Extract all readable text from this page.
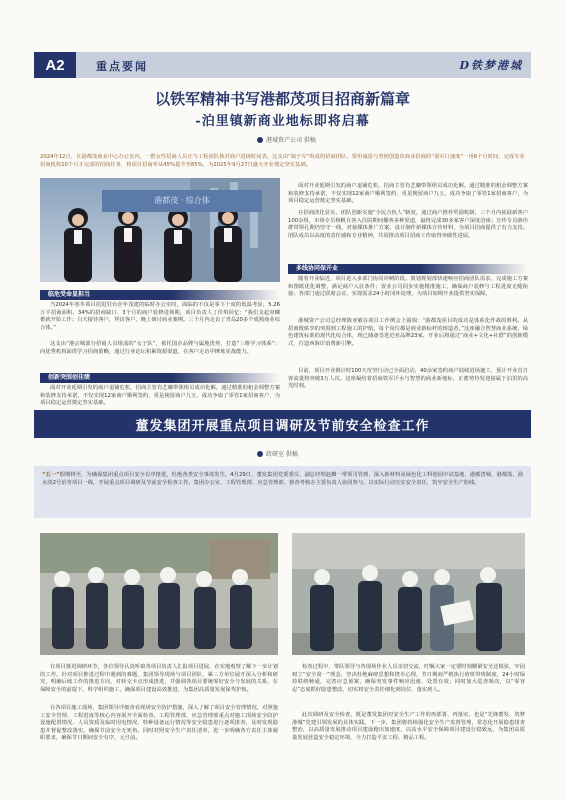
A2	重点要闻	D铁梦港城
以铁军精神书写港都茂项目招商新篇章
-泊里镇新商业地标即将启幕
港城资产公司 供稿
2024年12月，在港都茂商业中心办公室内，一群女性招商人员正与工程团队核对商户进场时间表。这支由“娘子军”组成的招商团队，要用诚恳与坚韧创造出商业招商的“重军口速度”一用6个月时间，完成专业招商机构10个月才完成的招商任务，将项目招商率从45%提升至85%，为2025年9月27日盛大开业奠定坚实基础。
港都茂 · 综合体
临危受命显担当
当2024年寒冬项目招进驻台企年茂建的临时办公室时，面临的不仅是零下十度的低温考验，5.26万平招商面积、34%的招商缺口、3个月的商户装修进场期，项目负责人丁佳琪回忆：“我们支起双螺蓄就开始工作；白天接待客户，拜访客户，晚上研讨商业案例。三个月内走访了青岛20多个成熟商业综合体。”
这支由“港宗城部分招商人员组成的“女子队”，依托国企品牌与属地优势，打造“三维学习体系”：向优秀机构面供学习招商策略，通过行业论坛积累资源渠道，在客户走访中锤炼实战能力。
创新突围创佳绩
面对开业延期引发的商户退铺危机，招商主管肖艺曦带领组员成功化解，通过精准的租金调整方案和装修支持承诺，不仅实现12家商户顺利签约，更是挽留商户九五，成功争取了零管1家招商客户，为项目稳定运营奠定坚实基础。
面对开业延期引发的商户退铺危机，招商主管肖艺曦带领组员成功化解，通过精准的租金调整方案和装修支持承诺，不仅实现12家商户顺利签约，更是挽留商户九五，成功争取了零管1家招商客户，为项目稳定运营奠定坚实基础。
在招商淡化显实，团队创新实施“全民合伙人”制度，通过商户推荐奖励机制，三个月内拓展新客户100余组，市场专员杨帆在客入住院期间播客多种渠道，最终完成30多家客户深度洽谈；宣传专员薛佳群带领孔期仍坚守一线，对接媒体推广方案，设计制作新媒体宣传材料，为项目招商提供了有力支持。团队成员以高度的责任感和专业精神，共同推动项目招商工作取得突破性进展。
多线协同保开业
随着开业临近，项目进入多部门协同冲刺阶段。策划规划部快速响应招商团队需求，完成施工方案和图纸优化调整，满足商户入驻条件；置业公司同步实施精准施工，确保商户装修与工程进度无缝衔接；各部门通过联席会议，实现需求24小时闭环处理，为项目如期开业提供坚实保障。
港城资产公司总经理陈亚敏在项目工作例会上强调：“港都茂项目的成功是体系化作战的胜利。从招商既贴李的突围到工程施工的护航，每个岗位都是商业新标杆的铸造者。”这座融合智慧商业系统、绿色建筑标准的现代化综合体，现已储备签进近亚品牌23家，开业后将通过“商业+文化+社群”的创新模式，打造西海岸消费新引擎。
目前，项目开业倒计时100天攻坚行动已全面启动，40余家签约商户陆续进场施工，预计开业首日客流量将突破3万人次。这座凝结着招商铁军汗水与智慧的商业新地标，正蓄势待发迎接属于泊里的高光时刻。
董发集团开展重点项目调研及节前安全检查工作
政研室 供稿
“五一”假期将至，为确保集团重点项目安全有序推进，杜绝各类安全事故发生，4月29日，董发集团党委委员、副总经理赵濉一带领司管到、深入新材料及绿色化工科创园中试基地、港都湾城、港都茂、海水淡2号治等项目一线，开展重点项目调研及节前安全检查工作。集团办公室、工程管理部、应急管理部、督查考核办主要负责人协同参与，以实际行动压实安全责任，筑牢安全生产防线。
在项目推进调研环节，各位领导认真听取各项目负责人汇报项目进展，在实地观察了解下一步计划的工作。针对项目推进过程中遇到的难题，集团领导现场与项目团队、累三方单位展开深入分析和研究，明确后续工作的推进方向，对转交卡点形成推进，并强调各项目要统筹好安全与发展的关系，在保障安全的前提下，科学组织施工，确保项目建设高效推进，为集团高质量发展保驾护航。
在各项目施工现场，集团领导详细查看现场安全防护措施，深入了解了项目安全管理情况，对照施工安全管理、工程进度等核心内容展开全面检查。工程管理部、应急管理部重点对施工现场安全防护设施配置情况、人员资质及临时用电情况、特种设备运行情况等安全隐患进行逐项排查，及时发现隐患并督促整改落实，确保节前安全无死角。同时对照安全生产责任清单，进一步明确各方责任主体履职要求，确保节日期间安全有序，元旦前。
检查过程中，带队领导与各现场作业人员亲切交流，叮嘱大家一定要时刻绷紧安全这根弦，牢固树立“安全第一”理念，坚决杜绝麻痹思想和侥幸心理，节日期间严格执行值班带班制度，24小时保持联络畅通，完善应急预案，确保突发事件响应迅速、处置有效；同时加大巡查频次，以“零容忍”态度抓好隐患整改，切实将安全责任细化到岗位、落实到人。
此次调研及安全检查，既是董发集团对安全生产工作的再部署、再落实，也是“先锋董发、筑梦港城”党建引领发展的具体实践。下一步，集团将持续强化安全生产监督管理，常态化开展隐患排查整治，以高质量发展推动项目建设跑出加速度，以高水平安全保障项目建设行稳致远，为集团高质量发展营造安全稳定环境，全力打造平安工程、精品工程。
